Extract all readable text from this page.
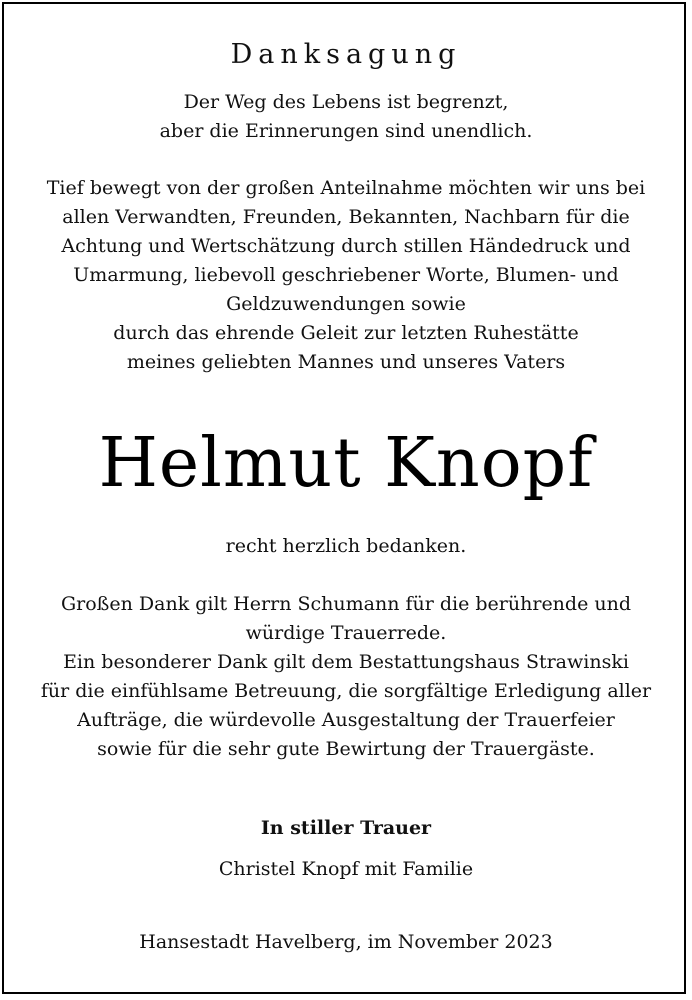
Danksagung
Der Weg des Lebens ist begrenzt,
aber die Erinnerungen sind unendlich.
Tief bewegt von der großen Anteilnahme möchten wir uns bei
allen Verwandten, Freunden, Bekannten, Nachbarn für die
Achtung und Wertschätzung durch stillen Händedruck und
Umarmung, liebevoll geschriebener Worte, Blumen- und
Geldzuwendungen sowie
durch das ehrende Geleit zur letzten Ruhestätte
meines geliebten Mannes und unseres Vaters
Helmut Knopf
recht herzlich bedanken.
Großen Dank gilt Herrn Schumann für die berührende und
würdige Trauerrede.
Ein besonderer Dank gilt dem Bestattungshaus Strawinski
für die einfühlsame Betreuung, die sorgfältige Erledigung aller
Aufträge, die würdevolle Ausgestaltung der Trauerfeier
sowie für die sehr gute Bewirtung der Trauergäste.
In stiller Trauer
Christel Knopf mit Familie
Hansestadt Havelberg, im November 2023
